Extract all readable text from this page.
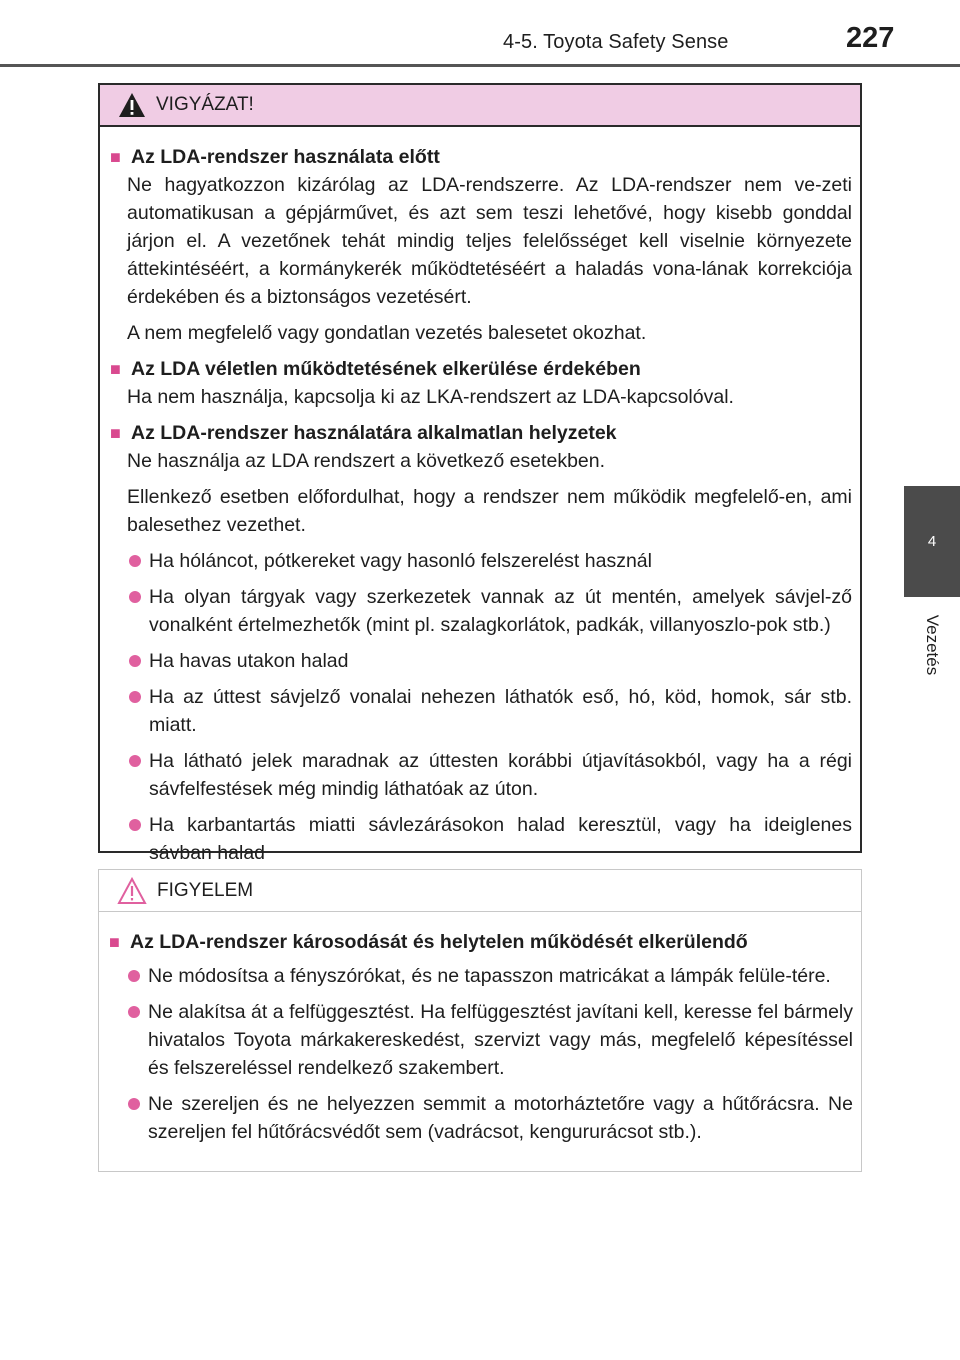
4-5. Toyota Safety Sense	227
4
Vezetés
VIGYÁZAT!
■ Az LDA-rendszer használata előtt

Ne hagyatkozzon kizárólag az LDA-rendszerre. Az LDA-rendszer nem ve-zeti automatikusan a gépjárművet, és azt sem teszi lehetővé, hogy kisebb gonddal járjon el. A vezetőnek tehát mindig teljes felelősséget kell viselnie környezete áttekintéséért, a kormánykerék működtetéséért a haladás vona-lának korrekciója érdekében és a biztonságos vezetésért.

A nem megfelelő vagy gondatlan vezetés balesetet okozhat.

■ Az LDA véletlen működtetésének elkerülése érdekében

Ha nem használja, kapcsolja ki az LKA-rendszert az LDA-kapcsolóval.

■ Az LDA-rendszer használatára alkalmatlan helyzetek

Ne használja az LDA rendszert a következő esetekben.

Ellenkező esetben előfordulhat, hogy a rendszer nem működik megfelelő-en, ami balesethez vezethet.

Ha hóláncot, pótkereket vagy hasonló felszerelést használ
Ha olyan tárgyak vagy szerkezetek vannak az út mentén, amelyek sávjel-ző vonalként értelmezhetők (mint pl. szalagkorlátok, padkák, villanyoszlo-pok stb.)
Ha havas utakon halad
Ha az úttest sávjelző vonalai nehezen láthatók eső, hó, köd, homok, sár stb. miatt.
Ha látható jelek maradnak az úttesten korábbi útjavításokból, vagy ha a régi sávfelfestések még mindig láthatóak az úton.
Ha karbantartás miatti sávlezárásokon halad keresztül, vagy ha ideiglenes sávban halad
FIGYELEM
■ Az LDA-rendszer károsodását és helytelen működését elkerülendő
Ne módosítsa a fényszórókat, és ne tapasszon matricákat a lámpák felüle-tére.
Ne alakítsa át a felfüggesztést. Ha felfüggesztést javítani kell, keresse fel bármely hivatalos Toyota márkakereskedést, szervizt vagy más, megfelelő képesítéssel és felszereléssel rendelkező szakembert.
Ne szereljen és ne helyezzen semmit a motorháztetőre vagy a hűtőrácsra. Ne szereljen fel hűtőrácsvédőt sem (vadrácsot, kengururácsot stb.).
